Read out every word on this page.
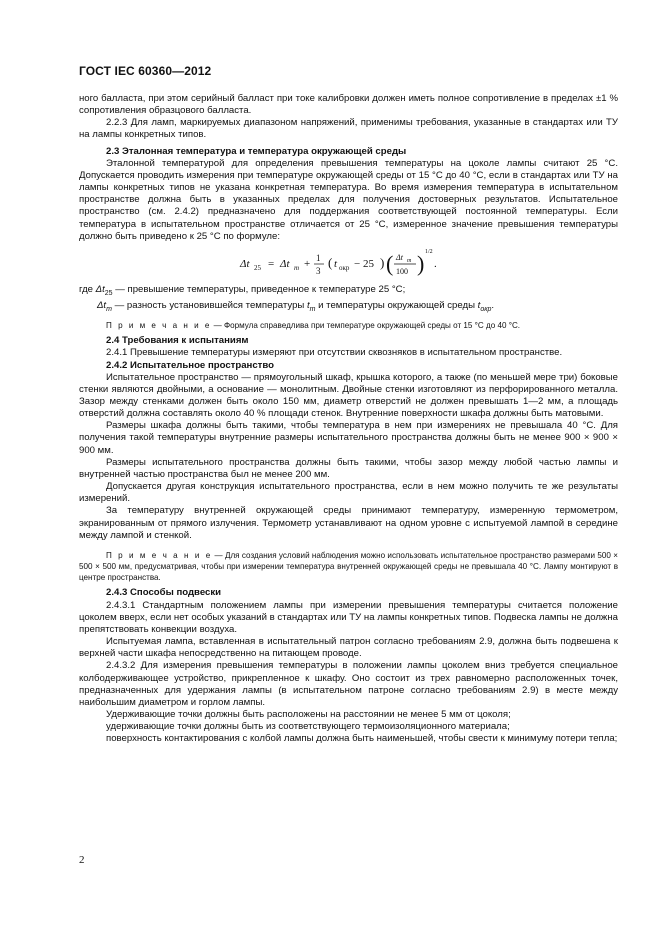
ГОСТ IEC 60360—2012

ного балласта, при этом серийный балласт при токе калибровки должен иметь полное сопротивление в пределах ±1 % сопротивления образцового балласта.

2.2.3 Для ламп, маркируемых диапазоном напряжений, применимы требования, указанные в стандартах или ТУ на лампы конкретных типов.

2.3 Эталонная температура и температура окружающей среды

Эталонной температурой для определения превышения температуры на цоколе лампы считают 25 °C. Допускается проводить измерения при температуре окружающей среды от 15 °C до 40 °C, если в стандартах или ТУ на лампы конкретных типов не указана конкретная температура. Во время измерения температура в испытательном пространстве должна быть в указанных пределах для получения достоверных результатов. Испытательное пространство (см. 2.4.2) предназначено для поддержания соответствующей постоянной температуры. Если температура в испытательном пространстве отличается от 25 °C, измеренное значение превышения температуры должно быть приведено к 25 °C по формуле:

Δt 25 = Δt m + 1
3
( t окр − 25 ) ( Δt m
100 ) 1/2
.

где $\Delta t_{25}$ — превышение температуры, приведенное к температуре 25 °C;

$\Delta t_m$ — разность установившейся температуры $t_m$ и температуры окружающей среды $t_{окр}$.

П р и м е ч а н и е — Формула справедлива при температуре окружающей среды от 15 °C до 40 °C.

2.4 Требования к испытаниям

2.4.1 Превышение температуры измеряют при отсутствии сквозняков в испытательном пространстве.

2.4.2 Испытательное пространство

Испытательное пространство — прямоугольный шкаф, крышка которого, а также (по меньшей мере три) боковые стенки являются двойными, а основание — монолитным. Двойные стенки изготовляют из перфорированного металла. Зазор между стенками должен быть около 150 мм, диаметр отверстий не должен превышать 1—2 мм, а площадь отверстий должна составлять около 40 % площади стенок. Внутренние поверхности шкафа должны быть матовыми.

Размеры шкафа должны быть такими, чтобы температура в нем при измерениях не превышала 40 °C. Для получения такой температуры внутренние размеры испытательного пространства должны быть не менее 900 × 900 × 900 мм.

Размеры испытательного пространства должны быть такими, чтобы зазор между любой частью лампы и внутренней частью пространства был не менее 200 мм.

Допускается другая конструкция испытательного пространства, если в нем можно получить те же результаты измерений.

За температуру внутренней окружающей среды принимают температуру, измеренную термометром, экранированным от прямого излучения. Термометр устанавливают на одном уровне с испытуемой лампой в середине между лампой и стенкой.

П р и м е ч а н и е — Для создания условий наблюдения можно использовать испытательное пространство размерами 500 × 500 × 500 мм, предусматривая, чтобы при измерении температура внутренней окружающей среды не превышала 40 °C. Лампу монтируют в центре пространства.

2.4.3 Способы подвески

2.4.3.1 Стандартным положением лампы при измерении превышения температуры считается положение цоколем вверх, если нет особых указаний в стандартах или ТУ на лампы конкретных типов. Подвеска лампы не должна препятствовать конвекции воздуха.

Испытуемая лампа, вставленная в испытательный патрон согласно требованиям 2.9, должна быть подвешена к верхней части шкафа непосредственно на питающем проводе.

2.4.3.2 Для измерения превышения температуры в положении лампы цоколем вниз требуется специальное колбодерживающее устройство, прикрепленное к шкафу. Оно состоит из трех равномерно расположенных точек, предназначенных для удержания лампы (в испытательном патроне согласно требованиям 2.9) в месте между наибольшим диаметром и горлом лампы.

Удерживающие точки должны быть расположены на расстоянии не менее 5 мм от цоколя;

удерживающие точки должны быть из соответствующего термоизоляционного материала;

поверхность контактирования с колбой лампы должна быть наименьшей, чтобы свести к минимуму потери тепла;

2
